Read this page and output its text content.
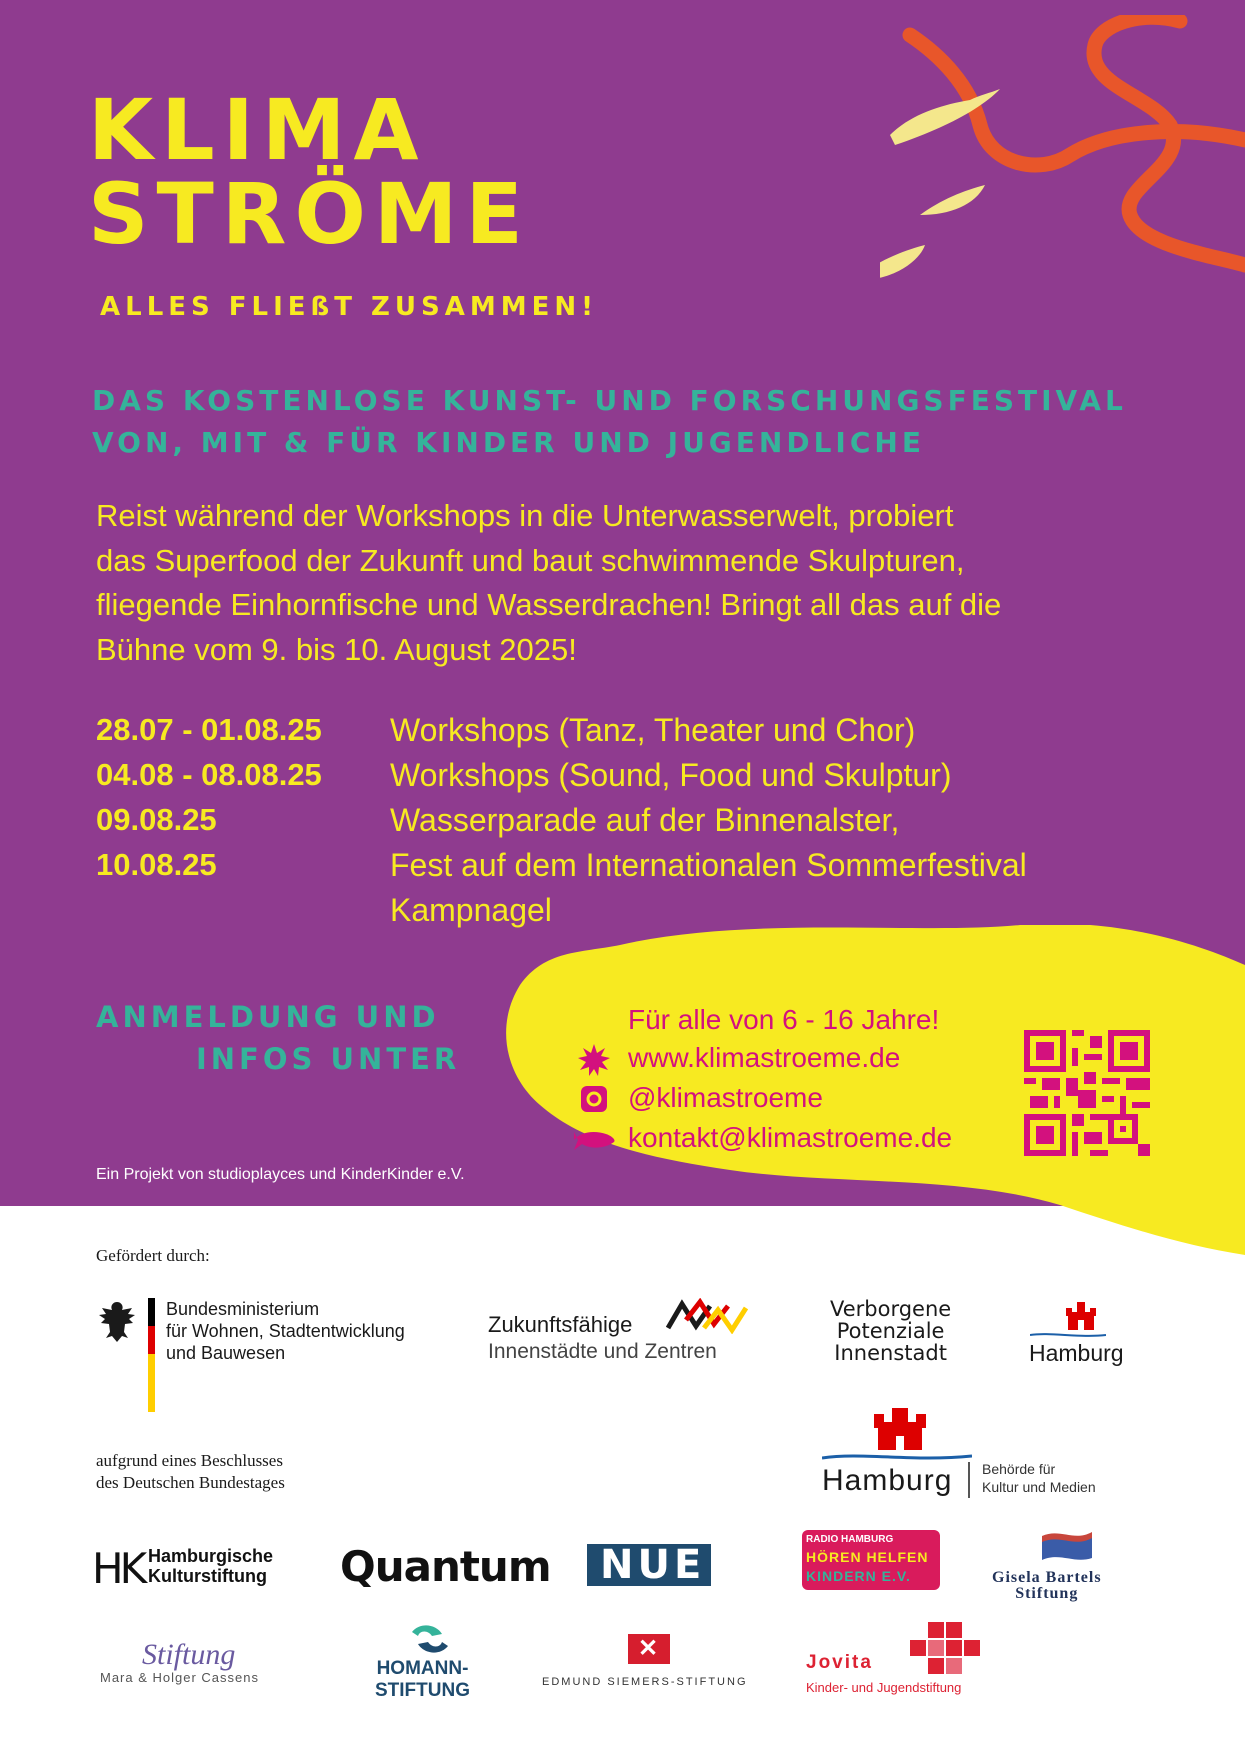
KLIMA
STRÖME
ALLES FLIEßT ZUSAMMEN!
DAS KOSTENLOSE KUNST- UND FORSCHUNGSFESTIVAL
VON, MIT & FÜR KINDER UND JUGENDLICHE
Reist während der Workshops in die Unterwasserwelt, probiert
das Superfood der Zukunft und baut schwimmende Skulpturen,
fliegende Einhornfische und Wasserdrachen! Bringt all das auf die
Bühne vom 9. bis 10. August 2025!
28.07 - 01.08.25 Workshops (Tanz, Theater und Chor)
04.08 - 08.08.25 Workshops (Sound, Food und Skulptur)
09.08.25	Wasserparade auf der Binnenalster,
10.08.25	Fest auf dem Internationalen Sommerfestival
Kampnagel
ANMELDUNG UND
INFOS UNTER
Für alle von 6 - 16 Jahre!
www.klimastroeme.de
@klimastroeme
kontakt@klimastroeme.de
Ein Projekt von studioplayces und KinderKinder e.V.
Gefördert durch:
Bundesministerium
für Wohnen, Stadtentwicklung
und Bauwesen
aufgrund eines Beschlusses
des Deutschen Bundestages
Zukunftsfähige
Innenstädte und Zentren
Verborgene
Potenziale
Innenstadt	Hamburg
Hamburg Behörde für
Kultur und Medien
HK Hamburgische
Kulturstiftung Quantum NUE
RADIO HAMBURG
HÖREN HELFEN
KINDERN E.V.	Gisela Bartels
Stiftung
Stiftung
Mara & Holger Cassens	HOMANN-
STIFTUNG
✕
EDMUND SIEMERS-STIFTUNG
Jovita
Kinder- und Jugendstiftung
